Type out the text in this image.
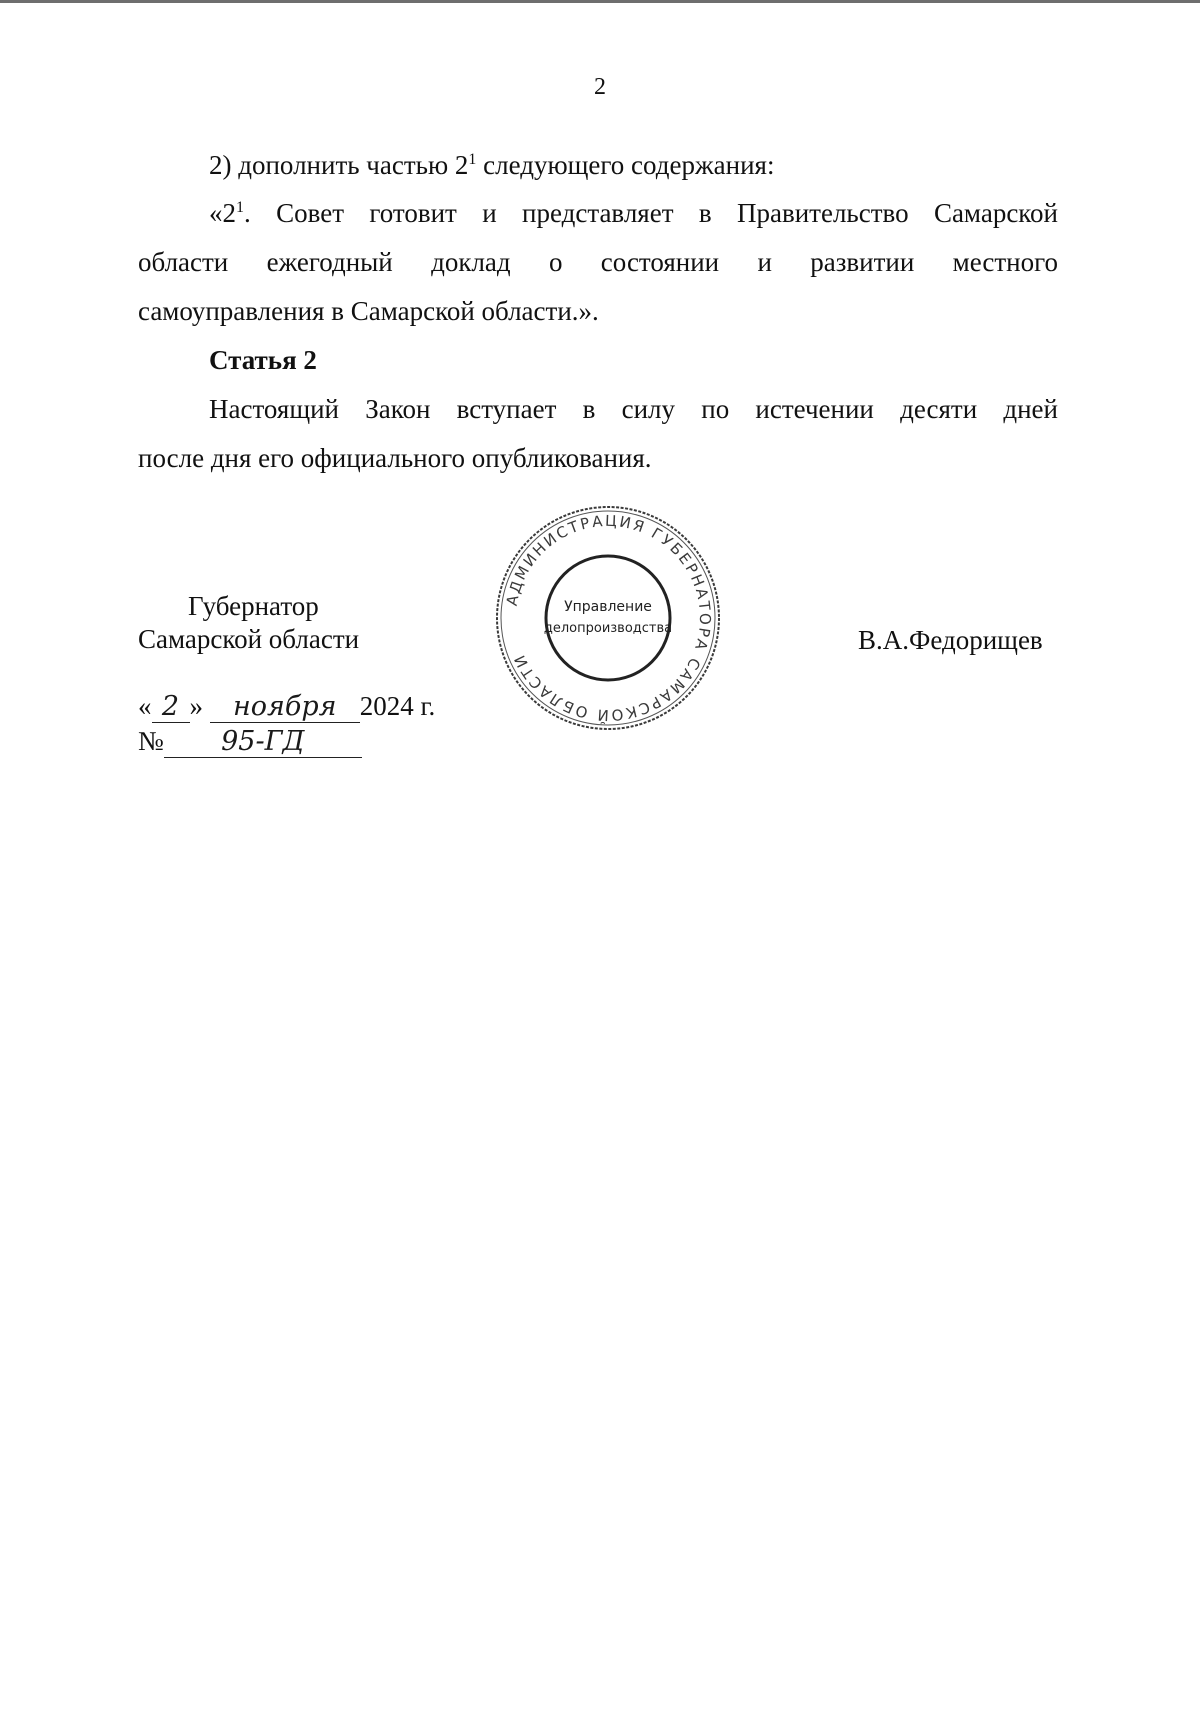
2

2) дополнить частью $2^1$ следующего содержания:

«$2^1$. Совет готовит и представляет в Правительство Самарской

области ежегодный доклад о состоянии и развитии местного

самоуправления в Самарской области.».

Статья 2

Настоящий Закон вступает в силу по истечении десяти дней

после дня его официального опубликования.

Губернатор
Самарской области	В.А.Федорищев
« 2 » ноября 2024 г.
№ 95-ГД
АДМИНИСТРАЦИЯ ГУБЕРНАТОРА САМАРСКОЙ ОБЛАСТИ
Управление
делопроизводства
